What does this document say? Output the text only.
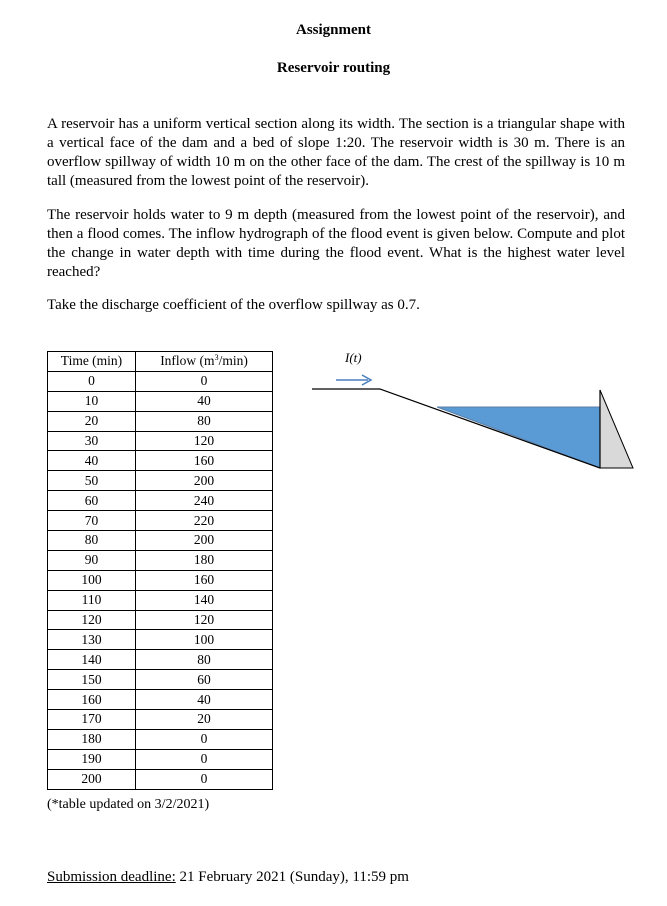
Assignment
Reservoir routing

A reservoir has a uniform vertical section along its width. The section is a triangular shape with a vertical face of the dam and a bed of slope 1:20. The reservoir width is 30 m. There is an overflow spillway of width 10 m on the other face of the dam. The crest of the spillway is 10 m tall (measured from the lowest point of the reservoir).

The reservoir holds water to 9 m depth (measured from the lowest point of the reservoir), and then a flood comes. The inflow hydrograph of the flood event is given below. Compute and plot the change in water depth with time during the flood event. What is the highest water level reached?

Take the discharge coefficient of the overflow spillway as 0.7.

Time (min)	Inflow $(m^3/\min)$
0	0
10	40
20	80
30	120
40	160
50	200
60	240
70	220
80	200
90	180
100	160
110	140
120	120
130	100
140	80
150	60
160	40
170	20
180	0
190	0
200	0
(*table updated on 3/2/2021)
I(t)
Submission deadline: 21 February 2021 (Sunday), 11:59 pm
